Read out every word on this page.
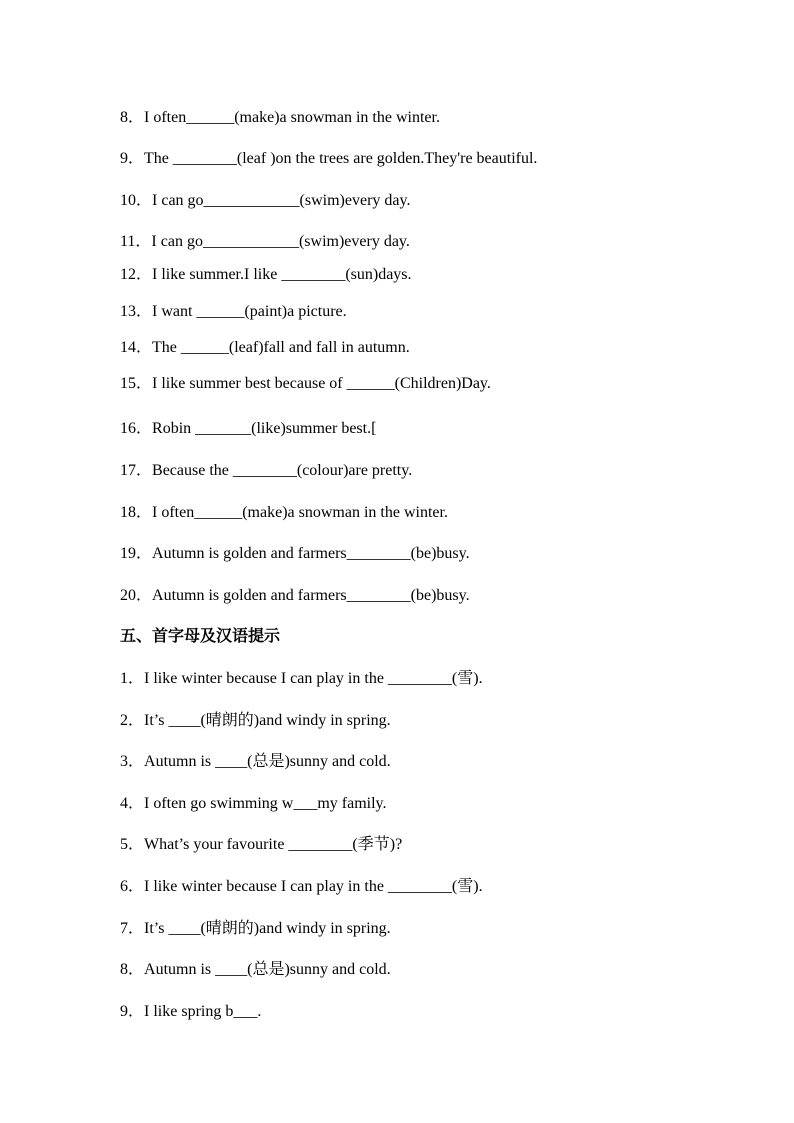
8．I often______(make)a snowman in the winter.
9．The ________(leaf )on the trees are golden.They're beautiful.
10．I can go____________(swim)every day.
11．I can go____________(swim)every day.
12．I like summer.I like ________(sun)days.
13．I want ______(paint)a picture.
14．The ______(leaf)fall and fall in autumn.
15．I like summer best because of ______(Children)Day.
16．Robin _______(like)summer best.[
17．Because the ________(colour)are pretty.
18．I often______(make)a snowman in the winter.
19．Autumn is golden and farmers________(be)busy.
20．Autumn is golden and farmers________(be)busy.
五、首字母及汉语提示
1．I like winter because I can play in the ________(雪).
2．It’s ____(晴朗的)and windy in spring.
3．Autumn is ____(总是)sunny and cold.
4．I often go swimming w___my family.
5．What’s your favourite ________(季节)?
6．I like winter because I can play in the ________(雪).
7．It’s ____(晴朗的)and windy in spring.
8．Autumn is ____(总是)sunny and cold.
9．I like spring b___.
